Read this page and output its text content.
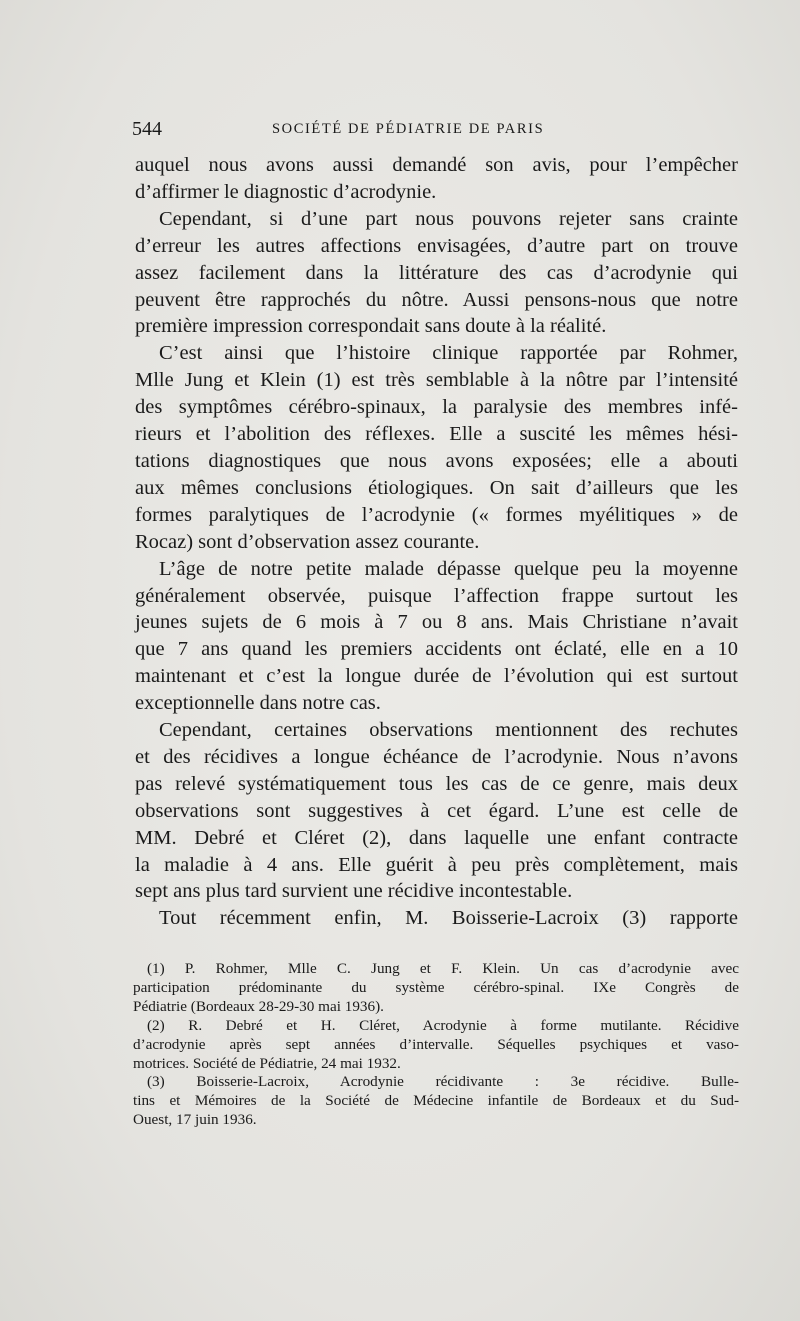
544	SOCIÉTÉ DE PÉDIATRIE DE PARIS

auquel nous avons aussi demandé son avis, pour l’empêcher

d’affirmer le diagnostic d’acrodynie.

Cependant, si d’une part nous pouvons rejeter sans crainte

d’erreur les autres affections envisagées, d’autre part on trouve

assez facilement dans la littérature des cas d’acrodynie qui

peuvent être rapprochés du nôtre. Aussi pensons-nous que notre

première impression correspondait sans doute à la réalité.

C’est ainsi que l’histoire clinique rapportée par Rohmer,

Mlle Jung et Klein (1) est très semblable à la nôtre par l’intensité

des symptômes cérébro-spinaux, la paralysie des membres infé-

rieurs et l’abolition des réflexes. Elle a suscité les mêmes hési-

tations diagnostiques que nous avons exposées; elle a abouti

aux mêmes conclusions étiologiques. On sait d’ailleurs que les

formes paralytiques de l’acrodynie (« formes myélitiques » de

Rocaz) sont d’observation assez courante.

L’âge de notre petite malade dépasse quelque peu la moyenne

généralement observée, puisque l’affection frappe surtout les

jeunes sujets de 6 mois à 7 ou 8 ans. Mais Christiane n’avait

que 7 ans quand les premiers accidents ont éclaté, elle en a 10

maintenant et c’est la longue durée de l’évolution qui est surtout

exceptionnelle dans notre cas.

Cependant, certaines observations mentionnent des rechutes

et des récidives a longue échéance de l’acrodynie. Nous n’avons

pas relevé systématiquement tous les cas de ce genre, mais deux

observations sont suggestives à cet égard. L’une est celle de

MM. Debré et Cléret (2), dans laquelle une enfant contracte

la maladie à 4 ans. Elle guérit à peu près complètement, mais

sept ans plus tard survient une récidive incontestable.

Tout récemment enfin, M. Boisserie-Lacroix (3) rapporte

(1) P. Rohmer, Mlle C. Jung et F. Klein. Un cas d’acrodynie avec

participation prédominante du système cérébro-spinal. IXe Congrès de

Pédiatrie (Bordeaux 28-29-30 mai 1936).

(2) R. Debré et H. Cléret, Acrodynie à forme mutilante. Récidive

d’acrodynie après sept années d’intervalle. Séquelles psychiques et vaso-

motrices. Société de Pédiatrie, 24 mai 1932.

(3) Boisserie-Lacroix, Acrodynie récidivante : 3e récidive. Bulle-

tins et Mémoires de la Société de Médecine infantile de Bordeaux et du Sud-

Ouest, 17 juin 1936.
